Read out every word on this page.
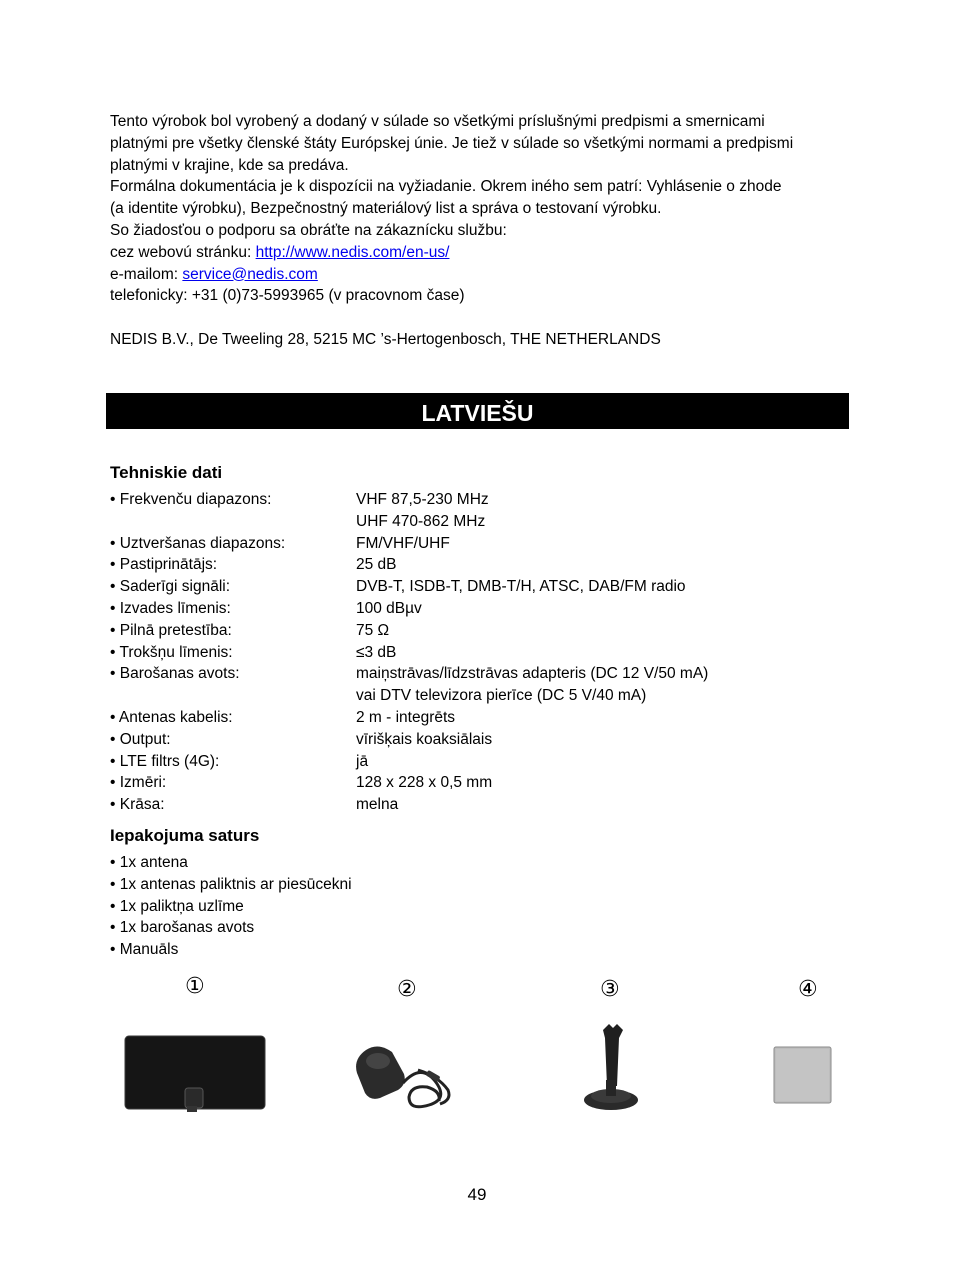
Tento výrobok bol vyrobený a dodaný v súlade so všetkými príslušnými predpismi a smernicami

platnými pre všetky členské štáty Európskej únie. Je tiež v súlade so všetkými normami a predpismi

platnými v krajine, kde sa predáva.

Formálna dokumentácia je k dispozícii na vyžiadanie. Okrem iného sem patrí: Vyhlásenie o zhode

(a identite výrobku), Bezpečnostný materiálový list a správa o testovaní výrobku.

So žiadosťou o podporu sa obráťte na zákaznícku službu:

cez webovú stránku: http://www.nedis.com/en-us/

e-mailom: service@nedis.com

telefonicky: +31 (0)73-5993965 (v pracovnom čase)

NEDIS B.V., De Tweeling 28, 5215 MC ’s-Hertogenbosch, THE NETHERLANDS
LATVIEŠU
Tehniskie dati
• Frekvenču diapazons:	VHF 87,5-230 MHz
UHF 470-862 MHz
• Uztveršanas diapazons:	FM/VHF/UHF
• Pastiprinātājs:	25 dB
• Saderīgi signāli:	DVB-T, ISDB-T, DMB-T/H, ATSC, DAB/FM radio
• Izvades līmenis:	100 dBµv
• Pilnā pretestība:	75 Ω
• Trokšņu līmenis:	≤3 dB
• Barošanas avots:	maiņstrāvas/līdzstrāvas adapteris (DC 12 V/50 mA)
vai DTV televizora pierīce (DC 5 V/40 mA)
• Antenas kabelis:	2 m - integrēts
• Output:	vīrišķais koaksiālais
• LTE filtrs (4G):	jā
• Izmēri:	128 x 228 x 0,5 mm
• Krāsa:	melna
Iepakojuma saturs
• 1x antena
• 1x antenas paliktnis ar piesūcekni
• 1x paliktņa uzlīme
• 1x barošanas avots
• Manuāls
①	②	③	④
49
